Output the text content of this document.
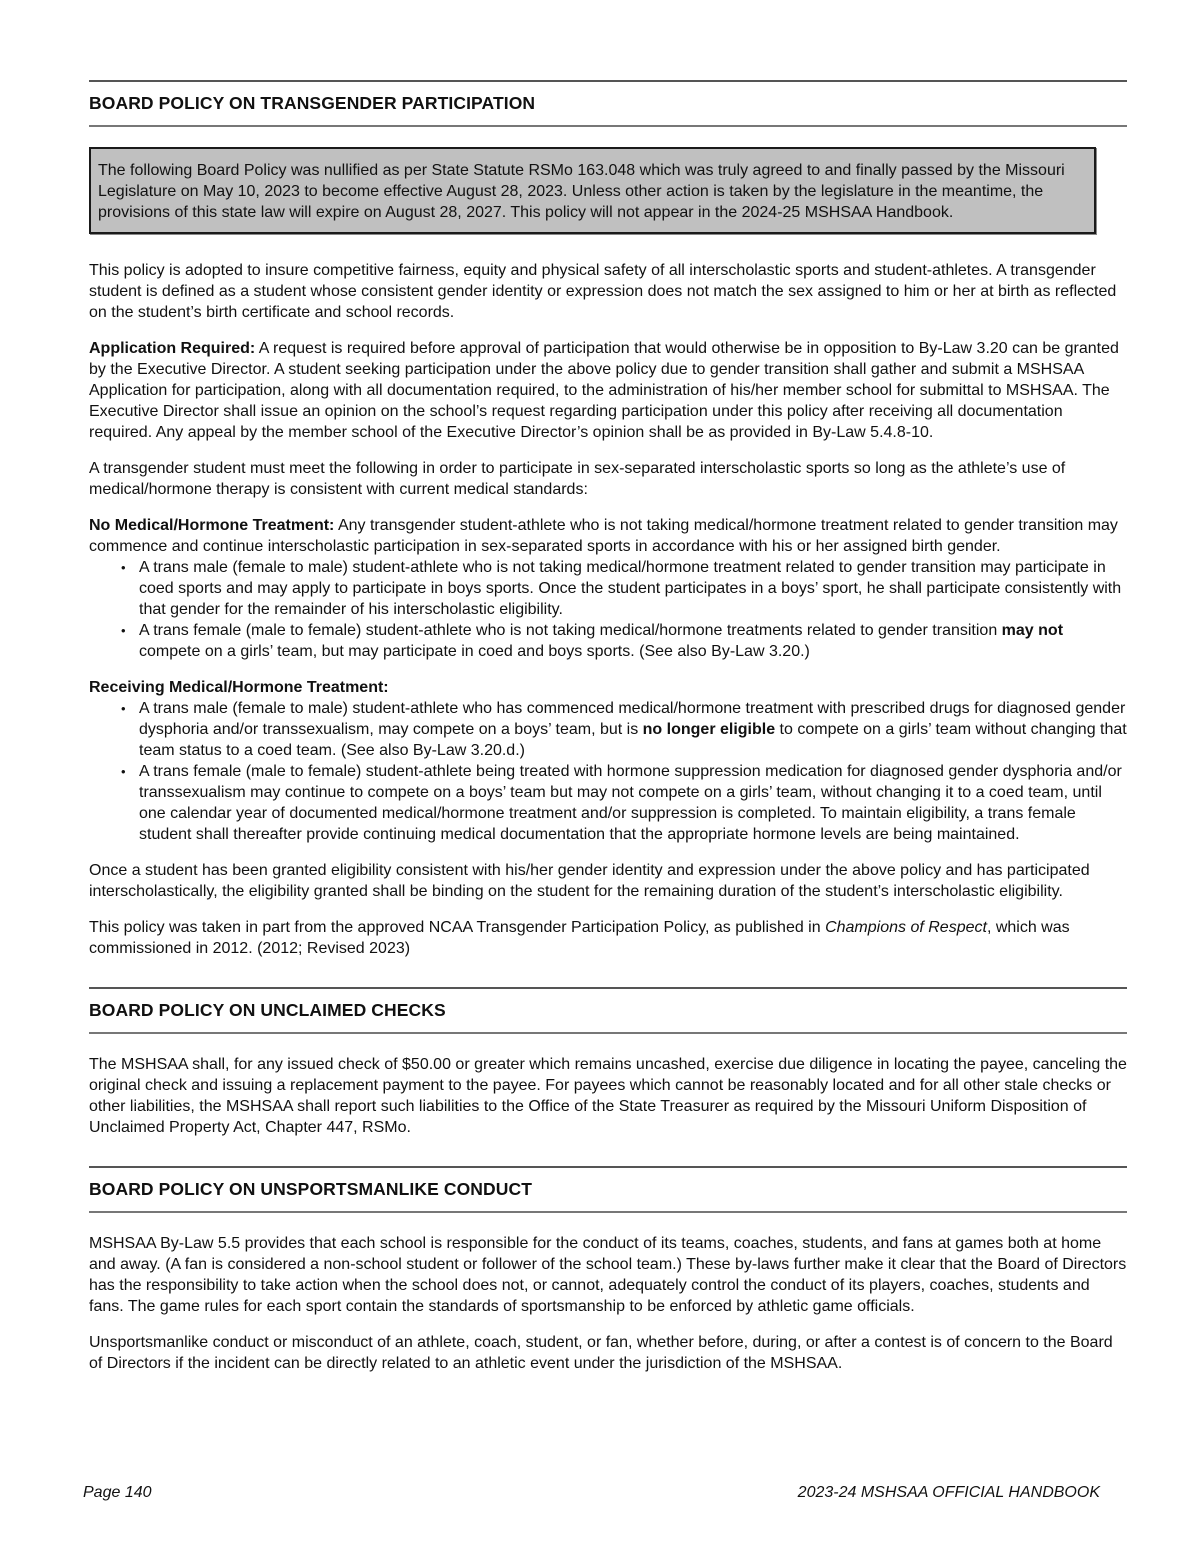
BOARD POLICY ON TRANSGENDER PARTICIPATION
The following Board Policy was nullified as per State Statute RSMo 163.048 which was truly agreed to and finally passed by the Missouri Legislature on May 10, 2023 to become effective August 28, 2023. Unless other action is taken by the legislature in the meantime, the provisions of this state law will expire on August 28, 2027. This policy will not appear in the 2024-25 MSHSAA Handbook.

This policy is adopted to insure competitive fairness, equity and physical safety of all interscholastic sports and student-athletes. A transgender student is defined as a student whose consistent gender identity or expression does not match the sex assigned to him or her at birth as reflected on the student’s birth certificate and school records.

Application Required: A request is required before approval of participation that would otherwise be in opposition to By-Law 3.20 can be granted by the Executive Director. A student seeking participation under the above policy due to gender transition shall gather and submit a MSHSAA Application for participation, along with all documentation required, to the administration of his/her member school for submittal to MSHSAA. The Executive Director shall issue an opinion on the school’s request regarding participation under this policy after receiving all documentation required. Any appeal by the member school of the Executive Director’s opinion shall be as provided in By-Law 5.4.8-10.

A transgender student must meet the following in order to participate in sex-separated interscholastic sports so long as the athlete’s use of medical/hormone therapy is consistent with current medical standards:

No Medical/Hormone Treatment: Any transgender student-athlete who is not taking medical/hormone treatment related to gender transition may commence and continue interscholastic participation in sex-separated sports in accordance with his or her assigned birth gender.

• A trans male (female to male) student-athlete who is not taking medical/hormone treatment related to gender transition may participate in coed sports and may apply to participate in boys sports. Once the student participates in a boys’ sport, he shall participate consistently with that gender for the remainder of his interscholastic eligibility.
• A trans female (male to female) student-athlete who is not taking medical/hormone treatments related to gender transition may not compete on a girls’ team, but may participate in coed and boys sports. (See also By-Law 3.20.)

Receiving Medical/Hormone Treatment:

• A trans male (female to male) student-athlete who has commenced medical/hormone treatment with prescribed drugs for diagnosed gender dysphoria and/or transsexualism, may compete on a boys’ team, but is no longer eligible to compete on a girls’ team without changing that team status to a coed team. (See also By-Law 3.20.d.)
• A trans female (male to female) student-athlete being treated with hormone suppression medication for diagnosed gender dysphoria and/or transsexualism may continue to compete on a boys’ team but may not compete on a girls’ team, without changing it to a coed team, until one calendar year of documented medical/hormone treatment and/or suppression is completed. To maintain eligibility, a trans female student shall thereafter provide continuing medical documentation that the appropriate hormone levels are being maintained.

Once a student has been granted eligibility consistent with his/her gender identity and expression under the above policy and has participated interscholastically, the eligibility granted shall be binding on the student for the remaining duration of the student’s interscholastic eligibility.

This policy was taken in part from the approved NCAA Transgender Participation Policy, as published in Champions of Respect, which was commissioned in 2012. (2012; Revised 2023)

BOARD POLICY ON UNCLAIMED CHECKS

The MSHSAA shall, for any issued check of $50.00 or greater which remains uncashed, exercise due diligence in locating the payee, canceling the original check and issuing a replacement payment to the payee. For payees which cannot be reasonably located and for all other stale checks or other liabilities, the MSHSAA shall report such liabilities to the Office of the State Treasurer as required by the Missouri Uniform Disposition of Unclaimed Property Act, Chapter 447, RSMo.

BOARD POLICY ON UNSPORTSMANLIKE CONDUCT

MSHSAA By-Law 5.5 provides that each school is responsible for the conduct of its teams, coaches, students, and fans at games both at home and away. (A fan is considered a non-school student or follower of the school team.) These by-laws further make it clear that the Board of Directors has the responsibility to take action when the school does not, or cannot, adequately control the conduct of its players, coaches, students and fans. The game rules for each sport contain the standards of sportsmanship to be enforced by athletic game officials.

Unsportsmanlike conduct or misconduct of an athlete, coach, student, or fan, whether before, during, or after a contest is of concern to the Board of Directors if the incident can be directly related to an athletic event under the jurisdiction of the MSHSAA.

Page 140	2023-24 MSHSAA OFFICIAL HANDBOOK
